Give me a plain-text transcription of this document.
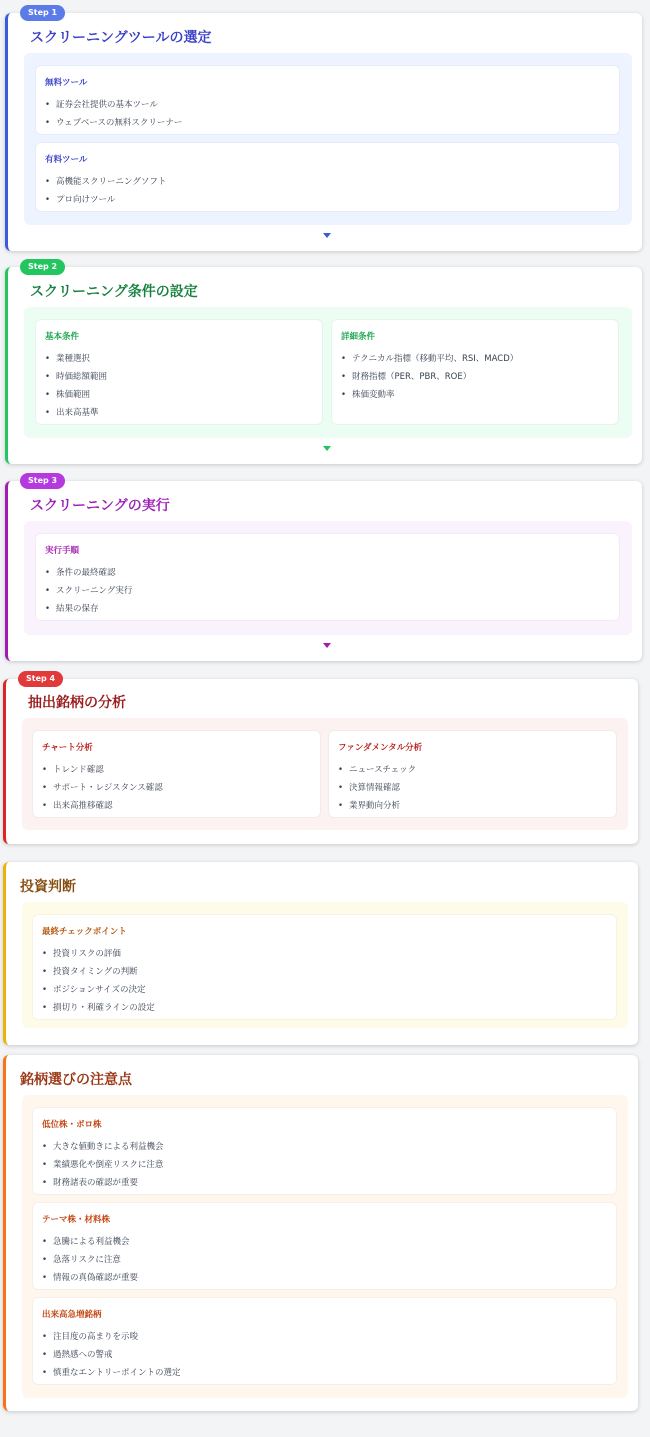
Step 1
スクリーニングツールの選定
無料ツール
• 証券会社提供の基本ツール
• ウェブベースの無料スクリーナー
有料ツール
• 高機能スクリーニングソフト
• プロ向けツール
Step 2
スクリーニング条件の設定
基本条件
• 業種選択
• 時価総額範囲
• 株価範囲
• 出来高基準
詳細条件
• テクニカル指標（移動平均、RSI、MACD）
• 財務指標（PER、PBR、ROE）
• 株価変動率
Step 3
スクリーニングの実行
実行手順
• 条件の最終確認
• スクリーニング実行
• 結果の保存
Step 4
抽出銘柄の分析
チャート分析
• トレンド確認
• サポート・レジスタンス確認
• 出来高推移確認
ファンダメンタル分析
• ニュースチェック
• 決算情報確認
• 業界動向分析
投資判断
最終チェックポイント
• 投資リスクの評価
• 投資タイミングの判断
• ポジションサイズの決定
• 損切り・利確ラインの設定
銘柄選びの注意点
低位株・ボロ株
• 大きな値動きによる利益機会
• 業績悪化や倒産リスクに注意
• 財務諸表の確認が重要
テーマ株・材料株
• 急騰による利益機会
• 急落リスクに注意
• 情報の真偽確認が重要
出来高急増銘柄
• 注目度の高まりを示唆
• 過熱感への警戒
• 慎重なエントリーポイントの選定
